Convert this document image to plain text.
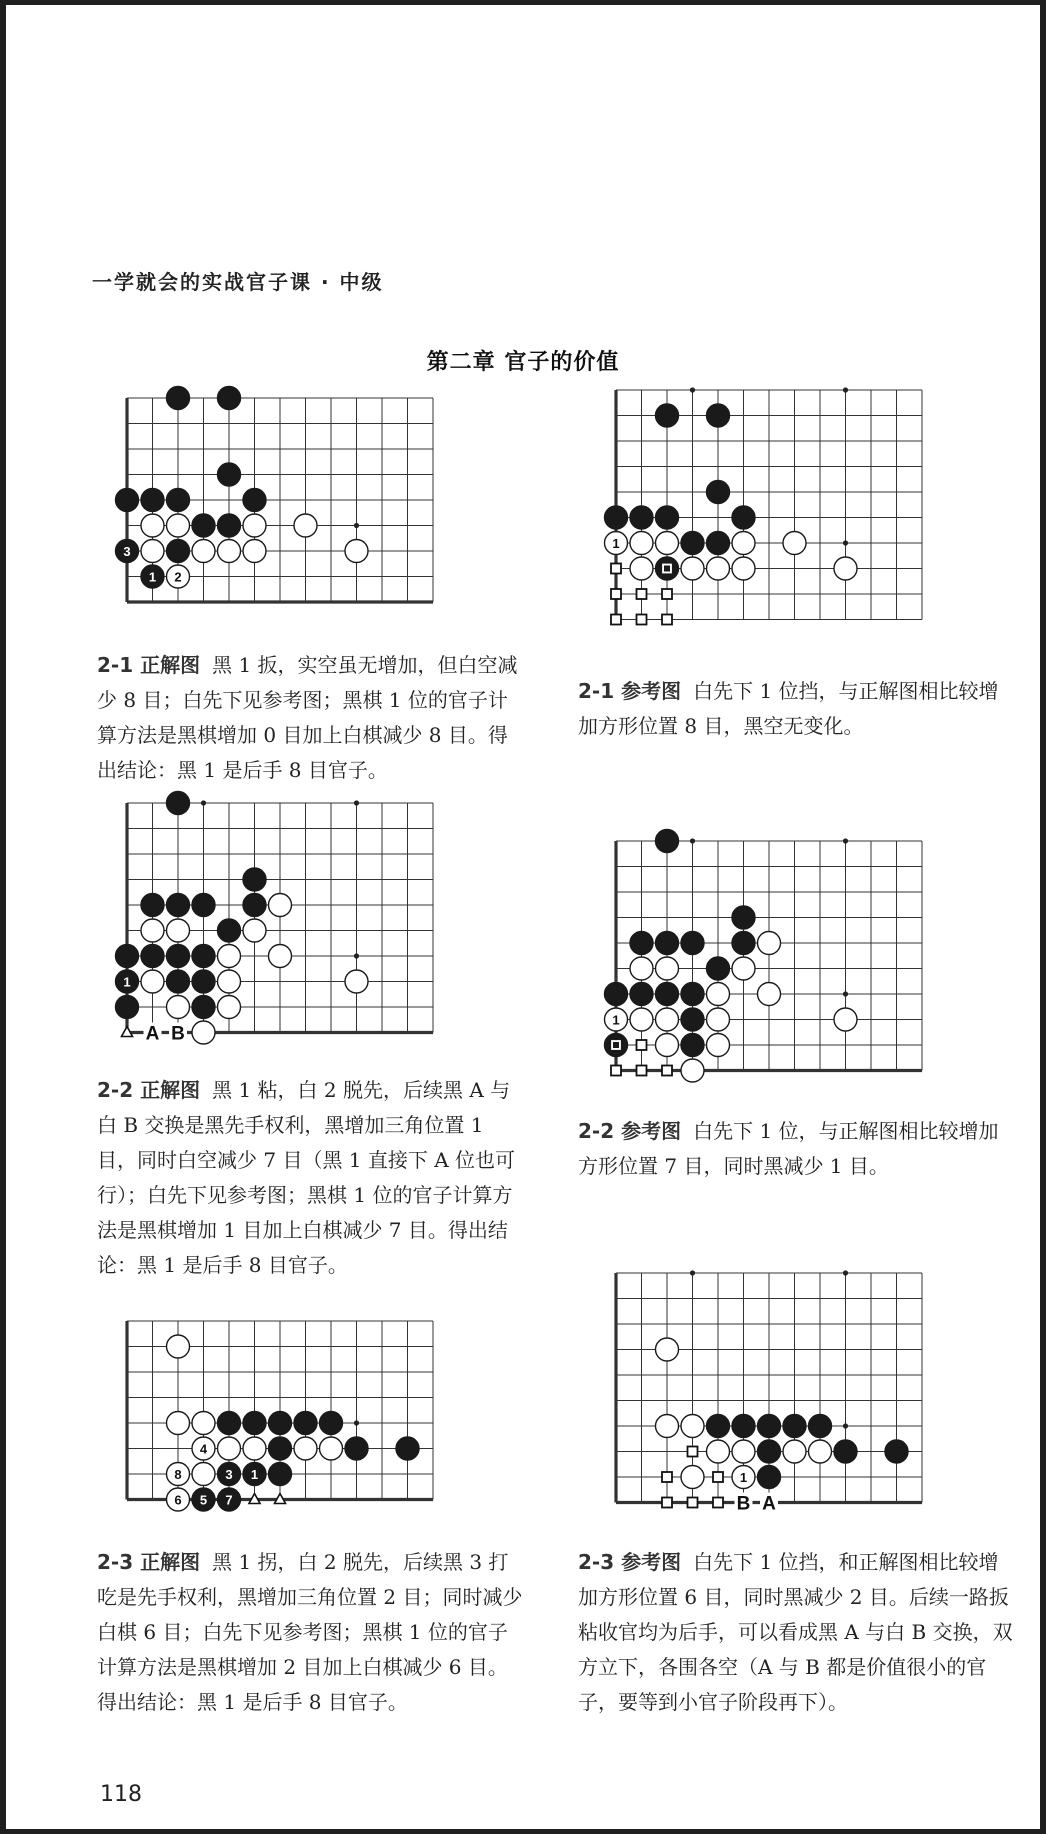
一学就会的实战官子课 · 中级
第二章 官子的价值
3
1 2
2-1 正解图 黑 1 扳，实空虽无增加，但白空减少 8 目；白先下见参考图；黑棋 1 位的官子计算方法是黑棋增加 0 目加上白棋减少 8 目。得出结论：黑 1 是后手 8 目官子。
1
2-1 参考图 白先下 1 位挡，与正解图相比较增加方形位置 8 目，黑空无变化。
A B
1
2-2 正解图 黑 1 粘，白 2 脱先，后续黑 A 与白 B 交换是黑先手权利，黑增加三角位置 1 目，同时白空减少 7 目（黑 1 直接下 A 位也可行）；白先下见参考图；黑棋 1 位的官子计算方法是黑棋增加 1 目加上白棋减少 7 目。得出结论：黑 1 是后手 8 目官子。
1
2-2 参考图 白先下 1 位，与正解图相比较增加方形位置 7 目，同时黑减少 1 目。
4
8	3 1
6 5 7
2-3 正解图 黑 1 拐，白 2 脱先，后续黑 3 打吃是先手权利，黑增加三角位置 2 目；同时减少白棋 6 目；白先下见参考图；黑棋 1 位的官子计算方法是黑棋增加 2 目加上白棋减少 6 目。得出结论：黑 1 是后手 8 目官子。
B A
1
2-3 参考图 白先下 1 位挡，和正解图相比较增加方形位置 6 目，同时黑减少 2 目。后续一路扳粘收官均为后手，可以看成黑 A 与白 B 交换，双方立下，各围各空（A 与 B 都是价值很小的官子，要等到小官子阶段再下）。
118
